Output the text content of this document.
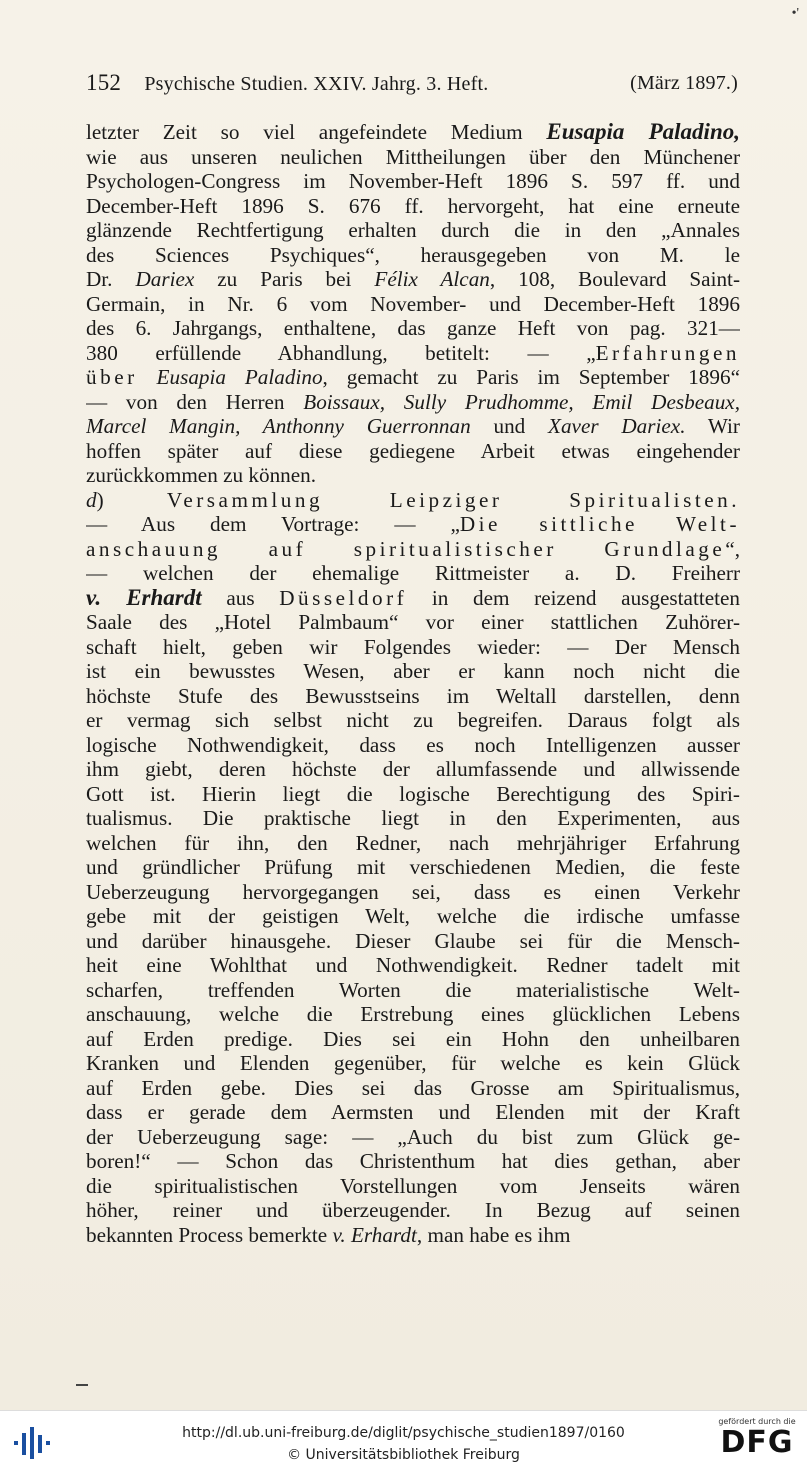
•'
152 Psychische Studien. XXIV. Jahrg. 3. Heft.	(März 1897.)
letzter Zeit so viel angefeindete Medium Eusapia Paladino,
wie aus unseren neulichen Mittheilungen über den Münchener
Psychologen-Congress im November-Heft 1896 S. 597 ff. und
December-Heft 1896 S. 676 ff. hervorgeht, hat eine erneute
glänzende Rechtfertigung erhalten durch die in den „Annales
des Sciences Psychiques“, herausgegeben von M. le
Dr. Dariex zu Paris bei Félix Alcan, 108, Boulevard Saint-
Germain, in Nr. 6 vom November- und December-Heft 1896
des 6. Jahrgangs, enthaltene, das ganze Heft von pag. 321—
380 erfüllende Abhandlung, betitelt: — „Erfahrungen
über Eusapia Paladino, gemacht zu Paris im September 1896“
— von den Herren Boissaux, Sully Prudhomme, Emil Desbeaux,
Marcel Mangin, Anthonny Guerronnan und Xaver Dariex. Wir
hoffen später auf diese gediegene Arbeit etwas eingehender
zurückkommen zu können.
d) Versammlung Leipziger Spiritualisten.
— Aus dem Vortrage: — „Die sittliche Welt-
anschauung auf spiritualistischer Grundlage“,
— welchen der ehemalige Rittmeister a. D. Freiherr
v. Erhardt aus Düsseldorf in dem reizend ausgestatteten
Saale des „Hotel Palmbaum“ vor einer stattlichen Zuhörer-
schaft hielt, geben wir Folgendes wieder: — Der Mensch
ist ein bewusstes Wesen, aber er kann noch nicht die
höchste Stufe des Bewusstseins im Weltall darstellen, denn
er vermag sich selbst nicht zu begreifen. Daraus folgt als
logische Nothwendigkeit, dass es noch Intelligenzen ausser
ihm giebt, deren höchste der allumfassende und allwissende
Gott ist. Hierin liegt die logische Berechtigung des Spiri-
tualismus. Die praktische liegt in den Experimenten, aus
welchen für ihn, den Redner, nach mehrjähriger Erfahrung
und gründlicher Prüfung mit verschiedenen Medien, die feste
Ueberzeugung hervorgegangen sei, dass es einen Verkehr
gebe mit der geistigen Welt, welche die irdische umfasse
und darüber hinausgehe. Dieser Glaube sei für die Mensch-
heit eine Wohlthat und Nothwendigkeit. Redner tadelt mit
scharfen, treffenden Worten die materialistische Welt-
anschauung, welche die Erstrebung eines glücklichen Lebens
auf Erden predige. Dies sei ein Hohn den unheilbaren
Kranken und Elenden gegenüber, für welche es kein Glück
auf Erden gebe. Dies sei das Grosse am Spiritualismus,
dass er gerade dem Aermsten und Elenden mit der Kraft
der Ueberzeugung sage: — „Auch du bist zum Glück ge-
boren!“ — Schon das Christenthum hat dies gethan, aber
die spiritualistischen Vorstellungen vom Jenseits wären
höher, reiner und überzeugender. In Bezug auf seinen
bekannten Process bemerkte v. Erhardt, man habe es ihm
http://dl.ub.uni-freiburg.de/diglit/psychische_studien1897/0160
© Universitätsbibliothek Freiburg
gefördert durch die
DFG
